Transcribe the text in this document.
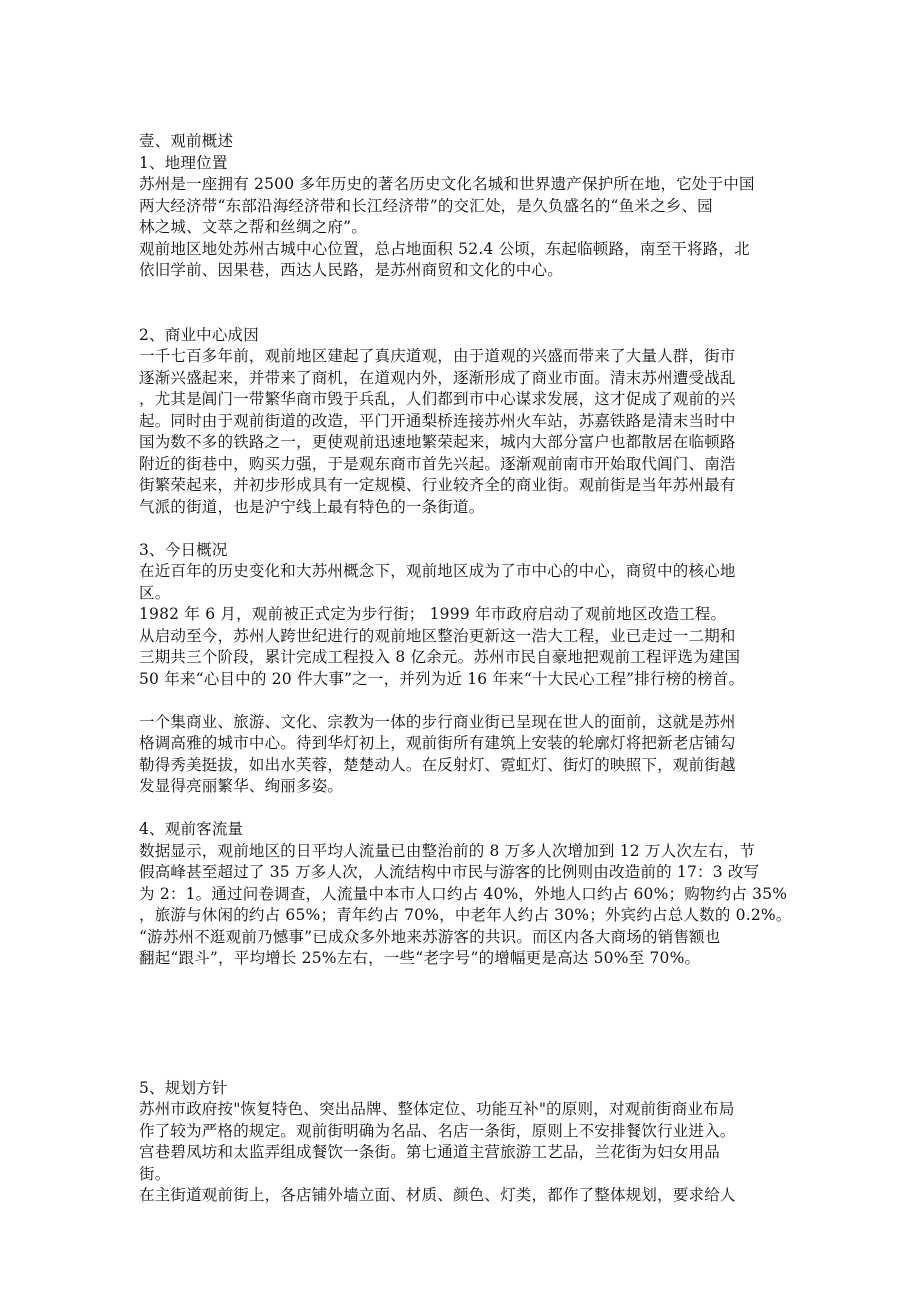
壹、观前概述
1、地理位置
苏州是一座拥有 2500 多年历史的著名历史文化名城和世界遗产保护所在地，它处于中国
两大经济带“东部沿海经济带和长江经济带”的交汇处，是久负盛名的“鱼米之乡、园
林之城、文萃之帮和丝绸之府”。
观前地区地处苏州古城中心位置，总占地面积 52.4 公顷，东起临顿路，南至干将路，北
依旧学前、因果巷，西达人民路，是苏州商贸和文化的中心。
2、商业中心成因
一千七百多年前，观前地区建起了真庆道观，由于道观的兴盛而带来了大量人群，街市
逐渐兴盛起来，并带来了商机，在道观内外，逐渐形成了商业市面。清末苏州遭受战乱
，尤其是阊门一带繁华商市毁于兵乱，人们都到市中心谋求发展，这才促成了观前的兴
起。同时由于观前街道的改造，平门开通梨桥连接苏州火车站，苏嘉铁路是清末当时中
国为数不多的铁路之一，更使观前迅速地繁荣起来，城内大部分富户也都散居在临顿路
附近的街巷中，购买力强，于是观东商市首先兴起。逐渐观前南市开始取代阊门、南浩
街繁荣起来，并初步形成具有一定规模、行业较齐全的商业街。观前街是当年苏州最有
气派的街道，也是沪宁线上最有特色的一条街道。
3、今日概况
在近百年的历史变化和大苏州概念下，观前地区成为了市中心的中心，商贸中的核心地
区。
1982 年 6 月，观前被正式定为步行街； 1999 年市政府启动了观前地区改造工程。
从启动至今，苏州人跨世纪进行的观前地区整治更新这一浩大工程，业已走过一二期和
三期共三个阶段，累计完成工程投入 8 亿余元。苏州市民自豪地把观前工程评选为建国
50 年来“心目中的 20 件大事”之一，并列为近 16 年来“十大民心工程”排行榜的榜首。
一个集商业、旅游、文化、宗教为一体的步行商业街已呈现在世人的面前，这就是苏州
格调高雅的城市中心。待到华灯初上，观前街所有建筑上安装的轮廓灯将把新老店铺勾
勒得秀美挺拔，如出水芙蓉，楚楚动人。在反射灯、霓虹灯、街灯的映照下，观前街越
发显得亮丽繁华、绚丽多姿。
4、观前客流量
数据显示，观前地区的日平均人流量已由整治前的 8 万多人次增加到 12 万人次左右，节
假高峰甚至超过了 35 万多人次，人流结构中市民与游客的比例则由改造前的 17：3 改写
为 2：1。通过问卷调查，人流量中本市人口约占 40%，外地人口约占 60%；购物约占 35%
，旅游与休闲的约占 65%；青年约占 70%，中老年人约占 30%；外宾约占总人数的 0.2%。
“游苏州不逛观前乃憾事”已成众多外地来苏游客的共识。而区内各大商场的销售额也
翻起“跟斗”，平均增长 25%左右，一些“老字号”的增幅更是高达 50%至 70%。
5、规划方针
苏州市政府按"恢复特色、突出品牌、整体定位、功能互补"的原则，对观前街商业布局
作了较为严格的规定。观前街明确为名品、名店一条街，原则上不安排餐饮行业进入。
宫巷碧凤坊和太监弄组成餐饮一条街。第七通道主营旅游工艺品，兰花街为妇女用品
街。
在主街道观前街上，各店铺外墙立面、材质、颜色、灯类，都作了整体规划，要求给人
